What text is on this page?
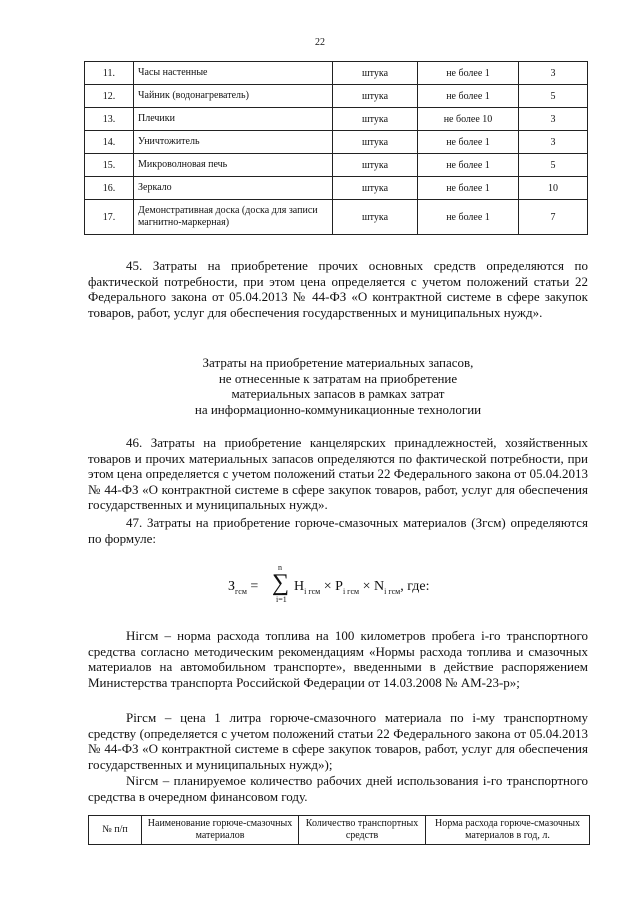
22
11.	Часы настенные	штука	не более 1	3
12.	Чайник (водонагреватель)	штука	не более 1	5
13.	Плечики	штука	не более 10	3
14.	Уничтожитель	штука	не более 1	3
15.	Микроволновая печь	штука	не более 1	5
16.	Зеркало	штука	не более 1	10
17.	Демонстративная доска (доска для записи магнитно-маркерная)	штука	не более 1	7

45. Затраты на приобретение прочих основных средств определяются по фактической потребности, при этом цена определяется с учетом положений статьи 22 Федерального закона от 05.04.2013 № 44-ФЗ «О контрактной системе в сфере закупок товаров, работ, услуг для обеспечения государственных и муниципальных нужд».

Затраты на приобретение материальных запасов,
не отнесенные к затратам на приобретение
материальных запасов в рамках затрат
на информационно-коммуникационные технологии

46. Затраты на приобретение канцелярских принадлежностей, хозяйственных товаров и прочих материальных запасов определяются по фактической потребности, при этом цена определяется с учетом положений статьи 22 Федерального закона от 05.04.2013 № 44-ФЗ «О контрактной системе в сфере закупок товаров, работ, услуг для обеспечения государственных и муниципальных нужд».

47. Затраты на приобретение горюче-смазочных материалов (Згсм) определяются по формуле:

$З_{гсм}$ =
n
∑
i=1
$Н_{i гсм} \times Р_{i гсм} \times N_{i гсм}$, где:

Нiгсм – норма расхода топлива на 100 километров пробега i-го транспортного средства согласно методическим рекомендациям «Нормы расхода топлива и смазочных материалов на автомобильном транспорте», введенными в действие распоряжением Министерства транспорта Российской Федерации от 14.03.2008 № АМ-23-р»;

Piгсм – цена 1 литра горюче-смазочного материала по i-му транспортному средству (определяется с учетом положений статьи 22 Федерального закона от 05.04.2013 № 44-ФЗ «О контрактной системе в сфере закупок товаров, работ, услуг для обеспечения государственных и муниципальных нужд»);

Niгсм – планируемое количество рабочих дней использования i-го транспортного средства в очередном финансовом году.

№ п/п	Наименование горюче-смазочных материалов	Количество транспортных средств	Норма расхода горюче-смазочных материалов в год, л.
